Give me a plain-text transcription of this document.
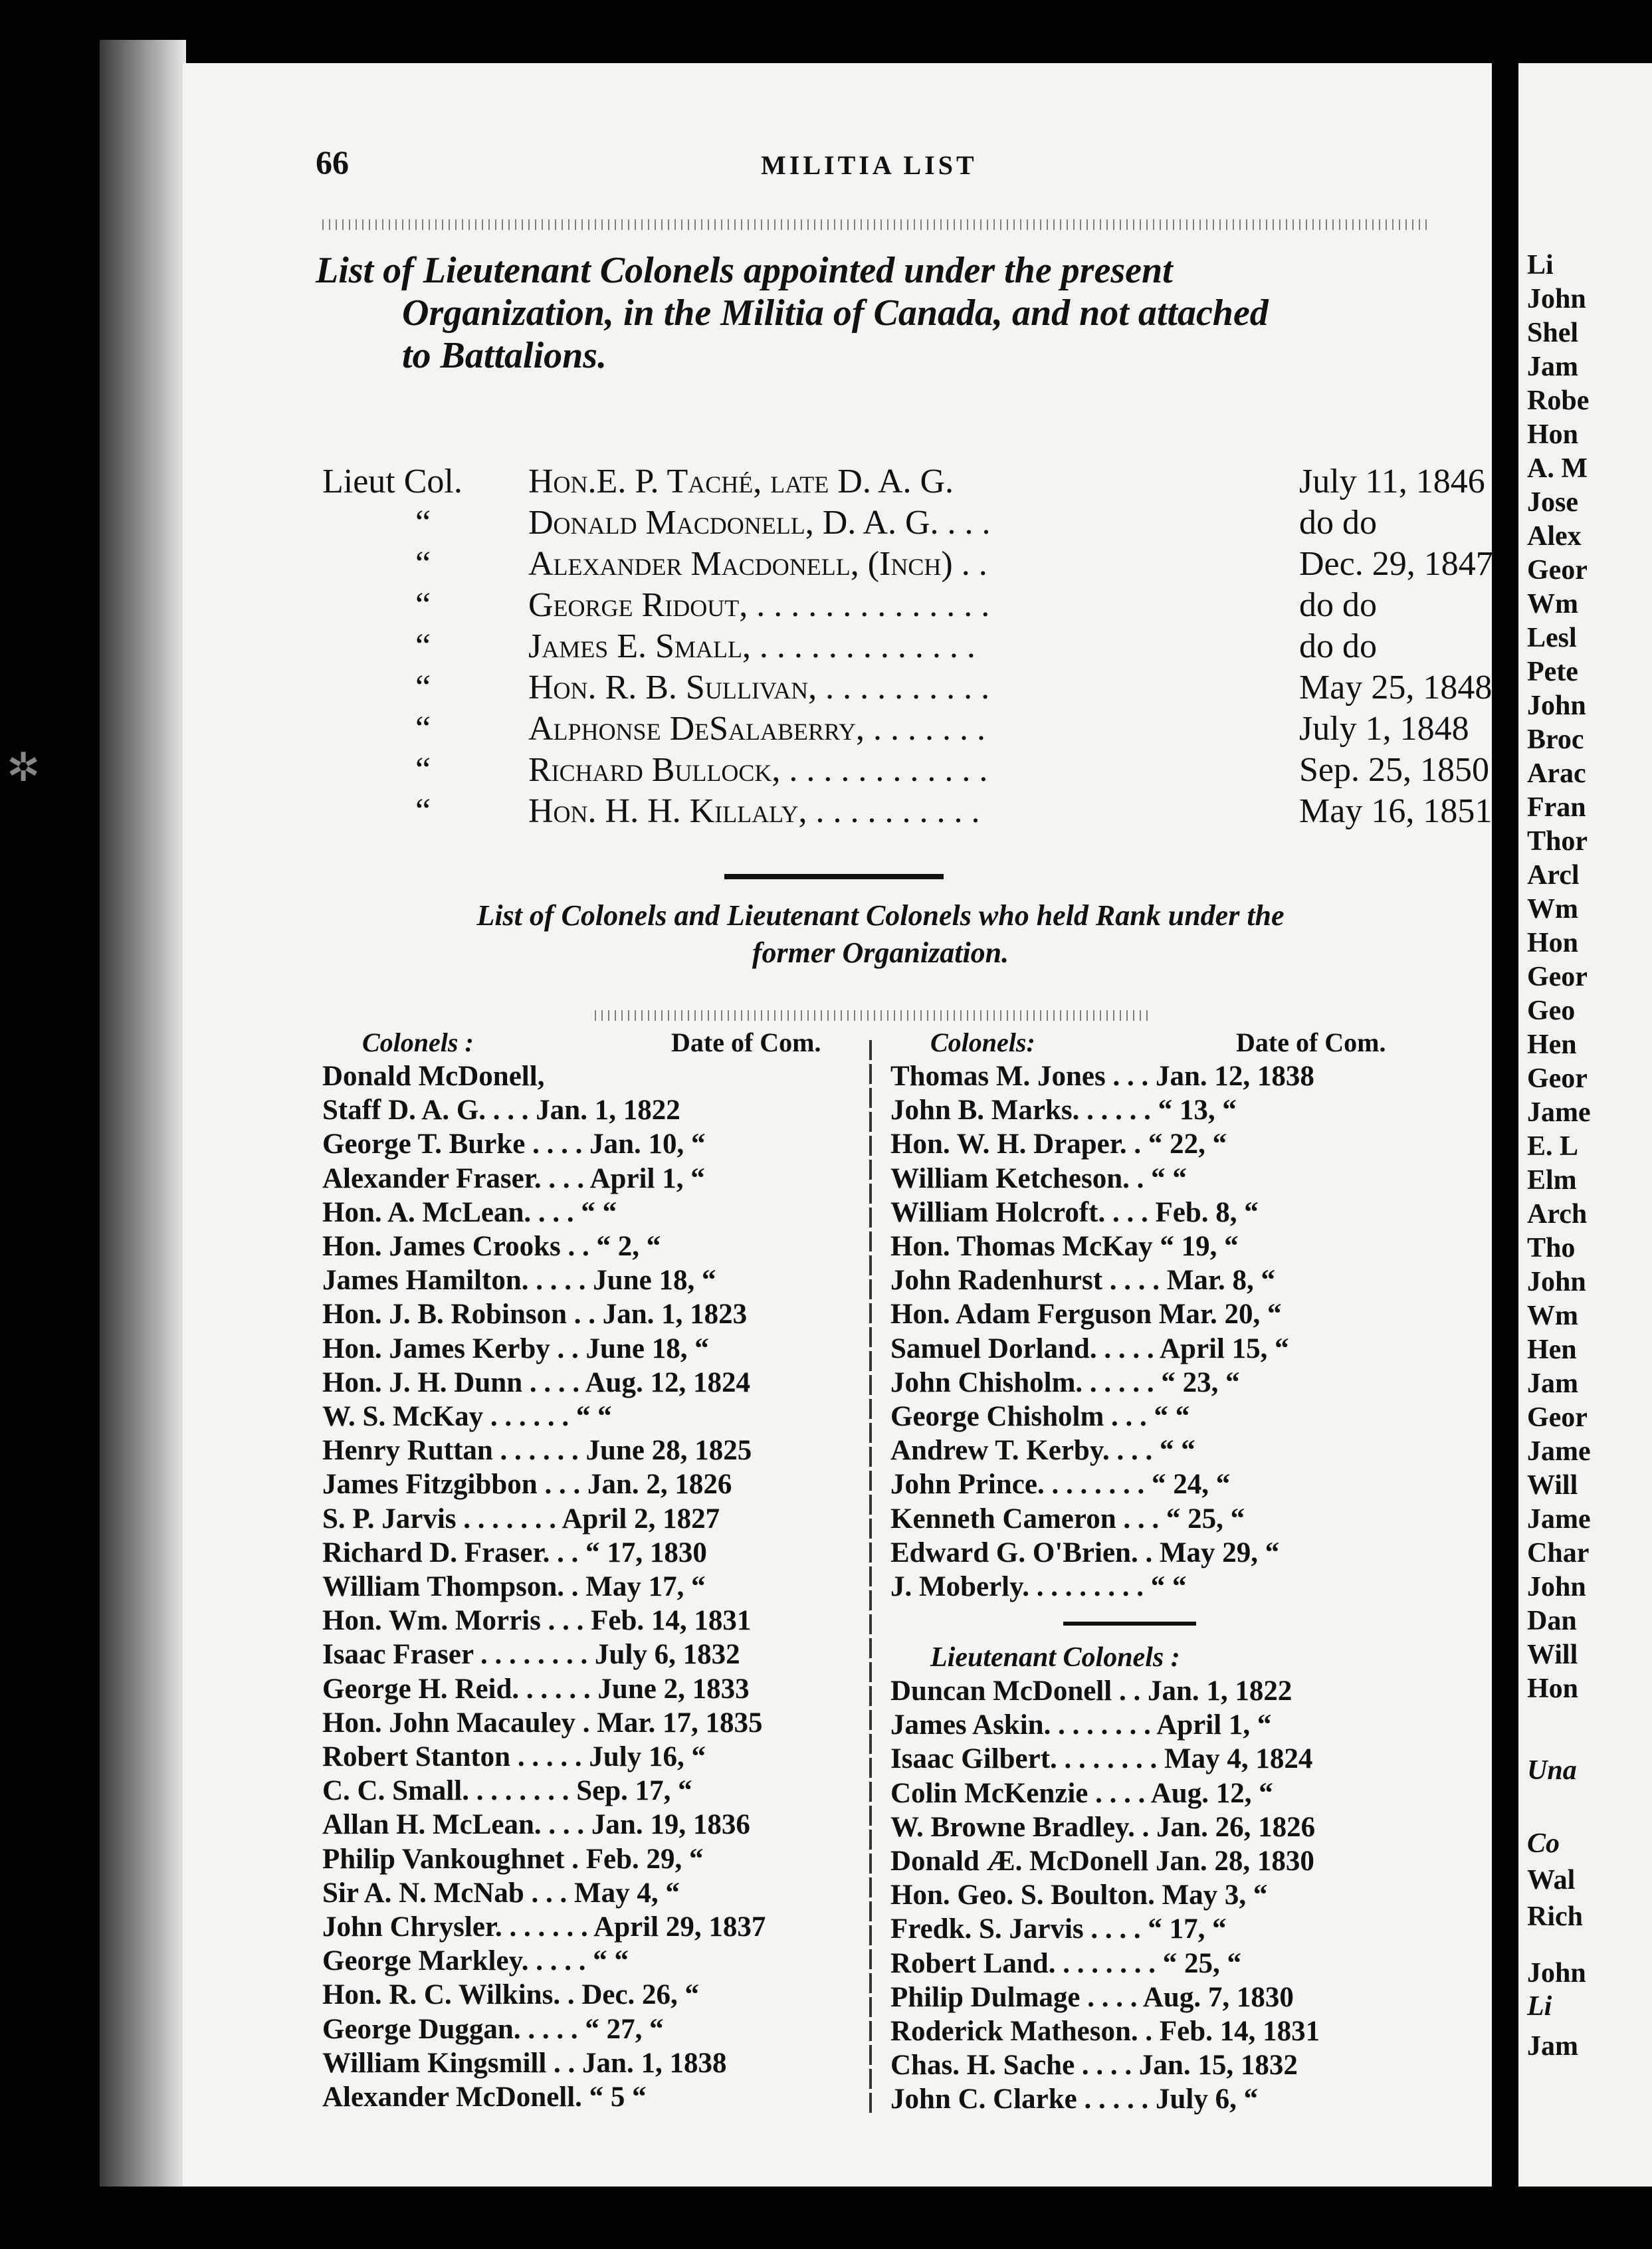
✲
66	MILITIA LIST
List of Lieutenant Colonels appointed under the present
Organization, in the Militia of Canada, and not attached
to Battalions.
Lieut Col. Hon.E. P. Taché, late D. A. G.	July 11, 1846
“	Donald Macdonell, D. A. G. . . .	do do
“	Alexander Macdonell, (Inch) . .	Dec. 29, 1847
“	George Ridout, . . . . . . . . . . . . . .	do do
“	James E. Small, . . . . . . . . . . . . .	do do
“	Hon. R. B. Sullivan, . . . . . . . . . .	May 25, 1848
“	Alphonse DeSalaberry, . . . . . . .	July 1, 1848
“	Richard Bullock, . . . . . . . . . . . .	Sep. 25, 1850
“	Hon. H. H. Killaly, . . . . . . . . . .	May 16, 1851
List of Colonels and Lieutenant Colonels who held Rank under the
former Organization.
Colonels :	Date of Com.	Colonels:	Date of Com.
Donald McDonell,
Staff D. A. G. . . . Jan. 1, 1822
George T. Burke . . . . Jan. 10, “
Alexander Fraser. . . . April 1, “
Hon. A. McLean. . . . “ “
Hon. James Crooks . . “ 2, “
James Hamilton. . . . . June 18, “
Hon. J. B. Robinson . . Jan. 1, 1823
Hon. James Kerby . . June 18, “
Hon. J. H. Dunn . . . . Aug. 12, 1824
W. S. McKay . . . . . . “ “
Henry Ruttan . . . . . . June 28, 1825
James Fitzgibbon . . . Jan. 2, 1826
S. P. Jarvis . . . . . . . April 2, 1827
Richard D. Fraser. . . “ 17, 1830
William Thompson. . May 17, “
Hon. Wm. Morris . . . Feb. 14, 1831
Isaac Fraser . . . . . . . . July 6, 1832
George H. Reid. . . . . . June 2, 1833
Hon. John Macauley . Mar. 17, 1835
Robert Stanton . . . . . July 16, “
C. C. Small. . . . . . . . Sep. 17, “
Allan H. McLean. . . . Jan. 19, 1836
Philip Vankoughnet . Feb. 29, “
Sir A. N. McNab . . . May 4, “
John Chrysler. . . . . . . April 29, 1837
George Markley. . . . . “ “
Hon. R. C. Wilkins. . Dec. 26, “
George Duggan. . . . . “ 27, “
William Kingsmill . . Jan. 1, 1838
Alexander McDonell. “ 5 “
Thomas M. Jones . . . Jan. 12, 1838
John B. Marks. . . . . . “ 13, “
Hon. W. H. Draper. . “ 22, “
William Ketcheson. . “ “
William Holcroft. . . . Feb. 8, “
Hon. Thomas McKay “ 19, “
John Radenhurst . . . . Mar. 8, “
Hon. Adam Ferguson Mar. 20, “
Samuel Dorland. . . . . April 15, “
John Chisholm. . . . . . “ 23, “
George Chisholm . . . “ “
Andrew T. Kerby. . . . “ “
John Prince. . . . . . . . “ 24, “
Kenneth Cameron . . . “ 25, “
Edward G. O'Brien. . May 29, “
J. Moberly. . . . . . . . . “ “
Lieutenant Colonels :
Duncan McDonell . . Jan. 1, 1822
James Askin. . . . . . . . April 1, “
Isaac Gilbert. . . . . . . . May 4, 1824
Colin McKenzie . . . . Aug. 12, “
W. Browne Bradley. . Jan. 26, 1826
Donald Æ. McDonell Jan. 28, 1830
Hon. Geo. S. Boulton. May 3, “
Fredk. S. Jarvis . . . . “ 17, “
Robert Land. . . . . . . . “ 25, “
Philip Dulmage . . . . Aug. 7, 1830
Roderick Matheson. . Feb. 14, 1831
Chas. H. Sache . . . . Jan. 15, 1832
John C. Clarke . . . . . July 6, “
Li
John
Shel
Jam
Robe
Hon
A. M
Jose
Alex
Geor
Wm
Lesl
Pete
John
Broc
Arac
Fran
Thor
Arcl
Wm
Hon
Geor
Geo
Hen
Geor
Jame
E. L
Elm
Arch
Tho
John
Wm
Hen
Jam
Geor
Jame
Will
Jame
Char
John
Dan
Will
Hon
Una
Co
Wal
Rich
John
Li
Jam
